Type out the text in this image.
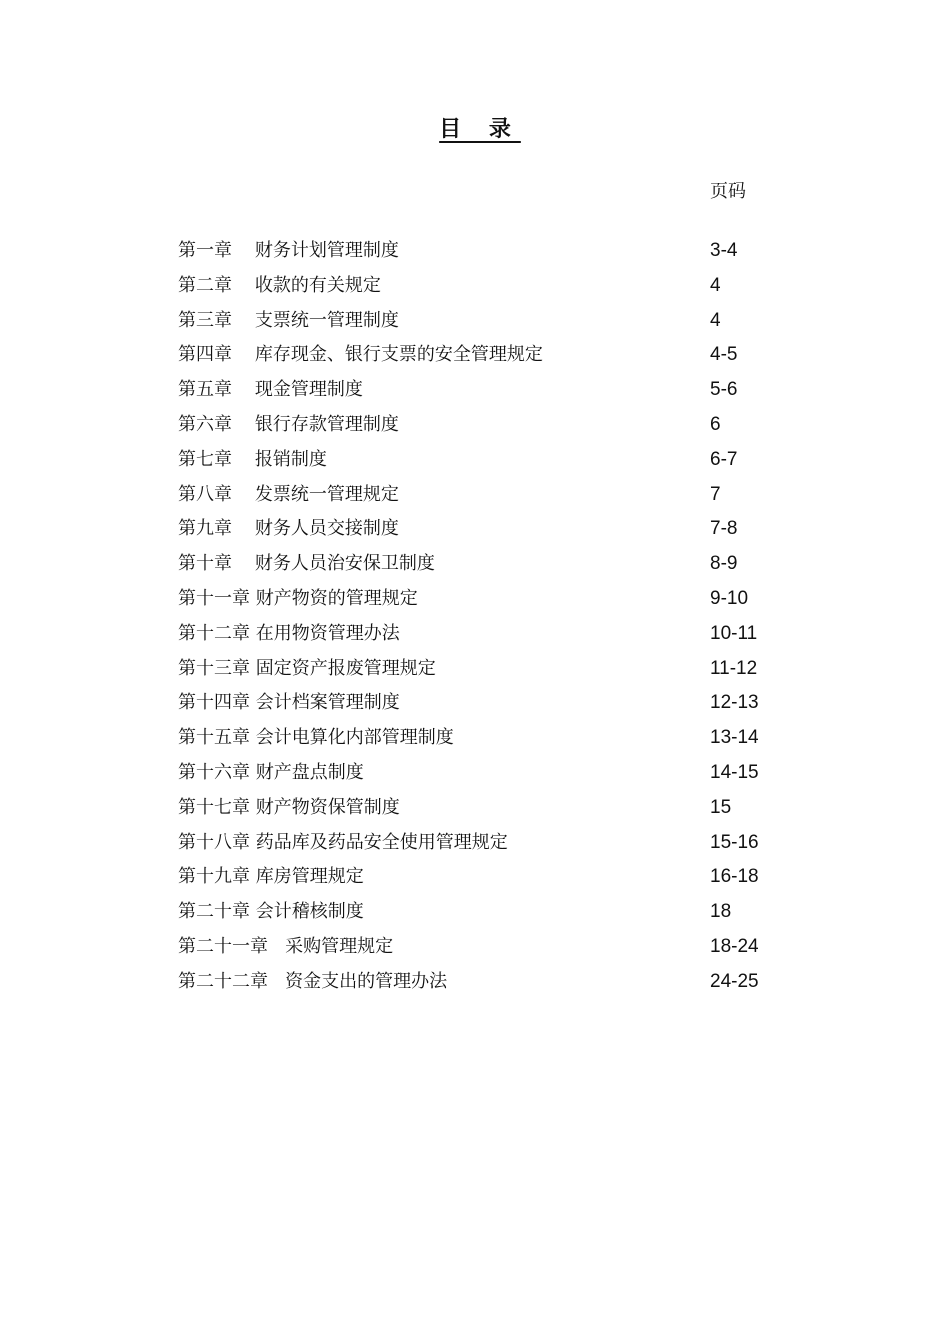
目 录
页码
第一章    财务计划管理制度	3-4
第二章    收款的有关规定	4
第三章    支票统一管理制度	4
第四章    库存现金、银行支票的安全管理规定	4-5
第五章    现金管理制度	5-6
第六章    银行存款管理制度	6
第七章    报销制度	6-7
第八章    发票统一管理规定	7
第九章    财务人员交接制度	7-8
第十章    财务人员治安保卫制度	8-9
第十一章 财产物资的管理规定	9-10
第十二章 在用物资管理办法	10-11
第十三章 固定资产报废管理规定	11-12
第十四章 会计档案管理制度	12-13
第十五章 会计电算化内部管理制度	13-14
第十六章 财产盘点制度	14-15
第十七章 财产物资保管制度	15
第十八章 药品库及药品安全使用管理规定	15-16
第十九章 库房管理规定	16-18
第二十章 会计稽核制度	18
第二十一章   采购管理规定	18-24
第二十二章   资金支出的管理办法	24-25
